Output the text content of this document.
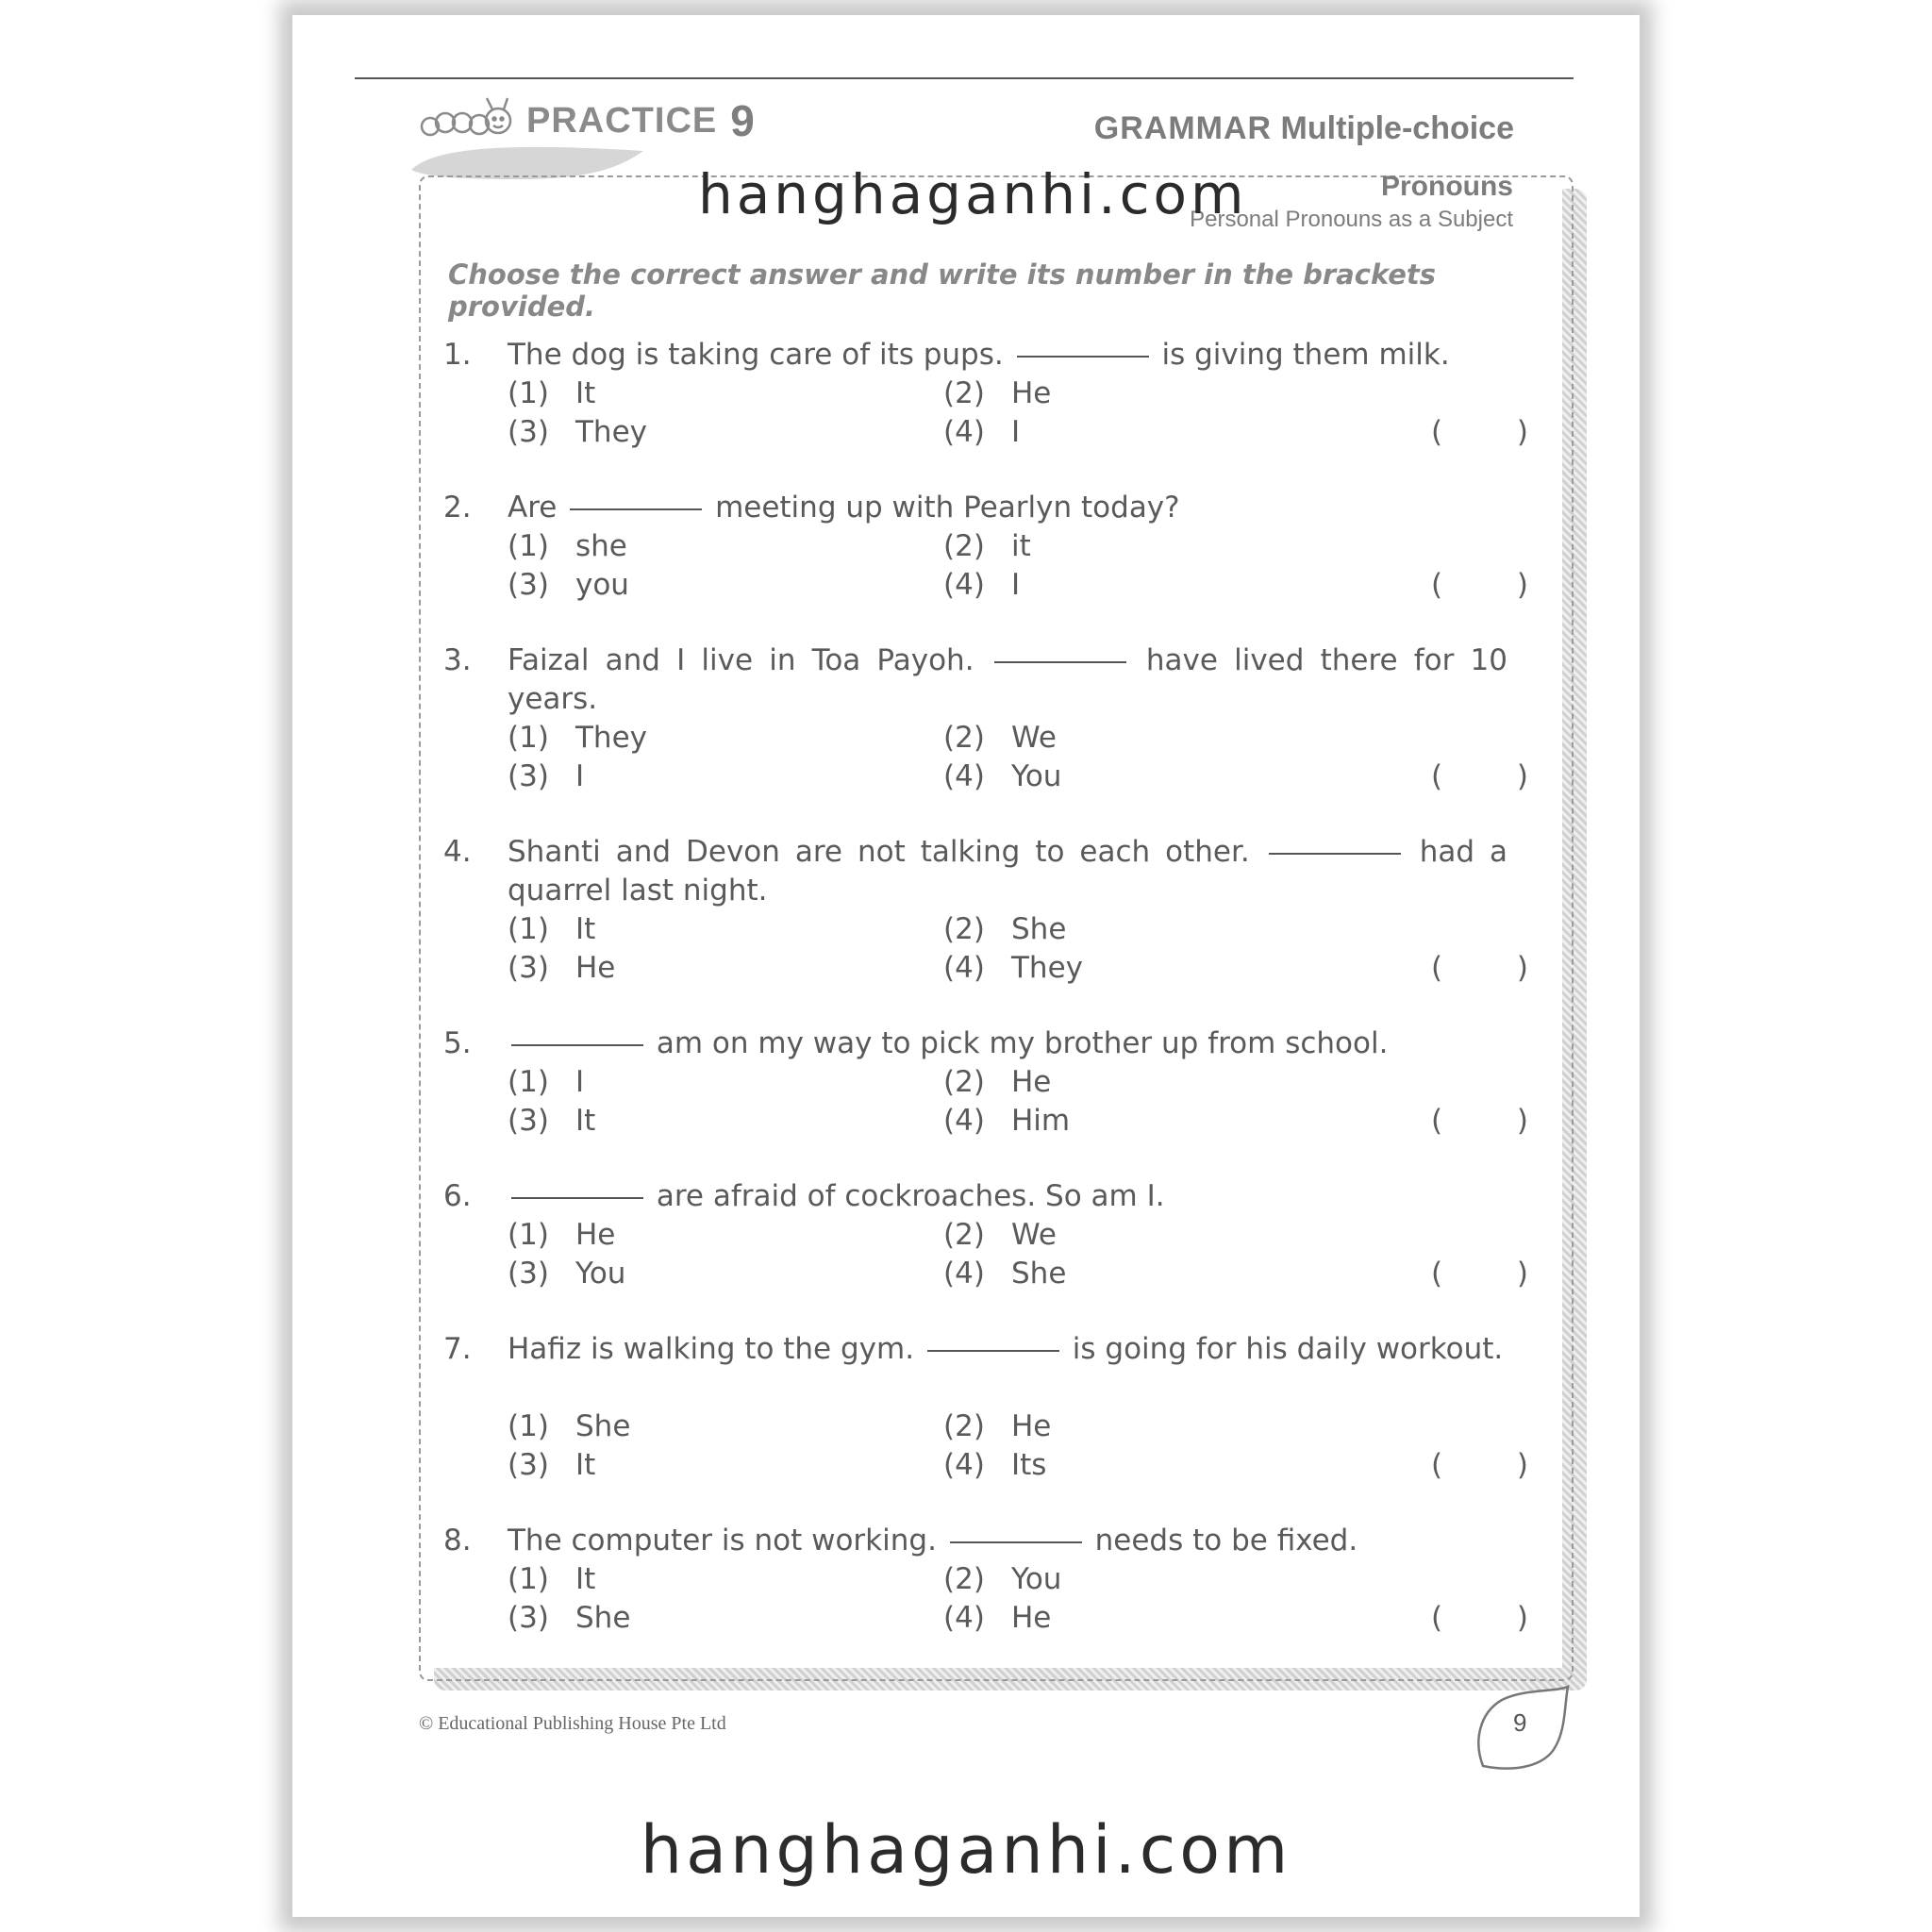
PRACTICE 9	GRAMMAR Multiple-choice
Pronouns
Personal Pronouns as a Subject
Choose the correct answer and write its number in the brackets provided.
1.	The dog is taking care of its pups.	is giving them milk.
(1) It	(2) He
(3) They	(4) I	(        )
2.	Are	meeting up with Pearlyn today?
(1) she	(2) it
(3) you	(4) I	(        )
3.	Faizal and I live in Toa Payoh.	have lived there for 10 years.
(1) They	(2) We
(3) I	(4) You	(        )
4.	Shanti and Devon are not talking to each other.	had a quarrel last night.
(1) It	(2) She
(3) He	(4) They	(        )
5.	am on my way to pick my brother up from school.
(1) I	(2) He
(3) It	(4) Him	(        )
6.	are afraid of cockroaches. So am I.
(1) He	(2) We
(3) You	(4) She	(        )
7.	Hafiz is walking to the gym.	is going for his daily workout.
(1) She	(2) He
(3) It	(4) Its	(        )
8.	The computer is not working.	needs to be fixed.
(1) It	(2) You
(3) She	(4) He	(        )
© Educational Publishing House Pte Ltd	9
hanghaganhi.com
hanghaganhi.com
